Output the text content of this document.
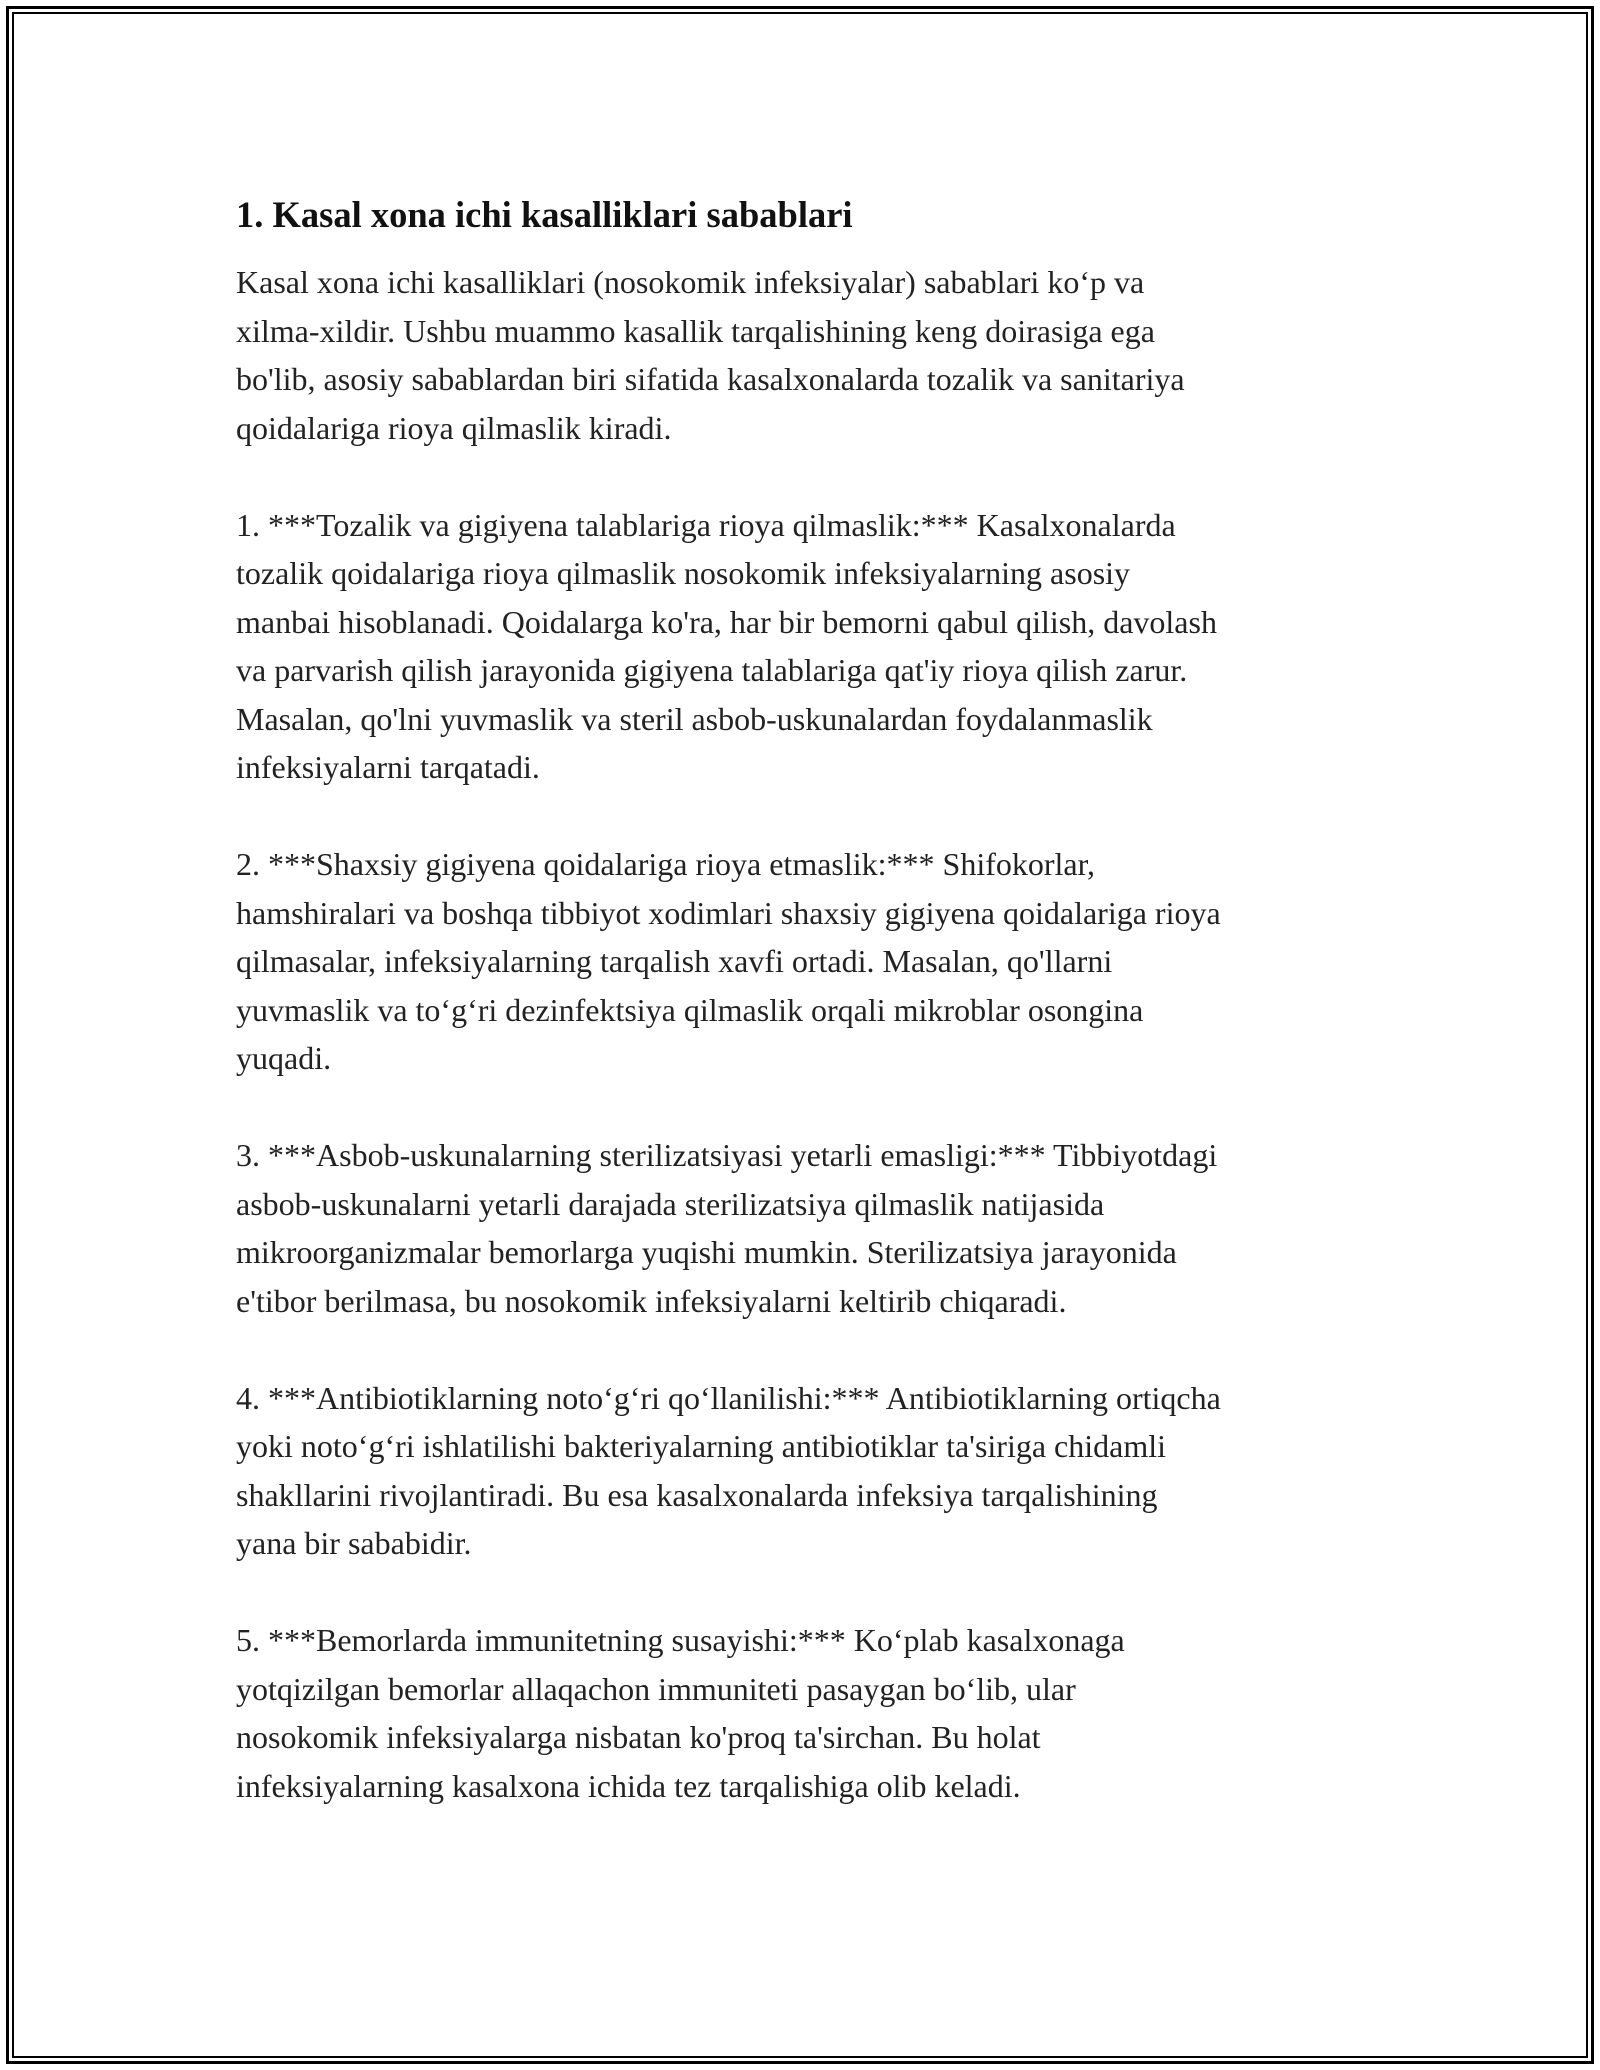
1. Kasal xona ichi kasalliklari sabablari

Kasal xona ichi kasalliklari (nosokomik infeksiyalar) sabablari ko‘p va
xilma-xildir. Ushbu muammo kasallik tarqalishining keng doirasiga ega
bo'lib, asosiy sabablardan biri sifatida kasalxonalarda tozalik va sanitariya
qoidalariga rioya qilmaslik kiradi.

1. ***Tozalik va gigiyena talablariga rioya qilmaslik:*** Kasalxonalarda
tozalik qoidalariga rioya qilmaslik nosokomik infeksiyalarning asosiy
manbai hisoblanadi. Qoidalarga ko'ra, har bir bemorni qabul qilish, davolash
va parvarish qilish jarayonida gigiyena talablariga qat'iy rioya qilish zarur.
Masalan, qo'lni yuvmaslik va steril asbob-uskunalardan foydalanmaslik
infeksiyalarni tarqatadi.

2. ***Shaxsiy gigiyena qoidalariga rioya etmaslik:*** Shifokorlar,
hamshiralari va boshqa tibbiyot xodimlari shaxsiy gigiyena qoidalariga rioya
qilmasalar, infeksiyalarning tarqalish xavfi ortadi. Masalan, qo'llarni
yuvmaslik va to‘g‘ri dezinfektsiya qilmaslik orqali mikroblar osongina
yuqadi.

3. ***Asbob-uskunalarning sterilizatsiyasi yetarli emasligi:*** Tibbiyotdagi
asbob-uskunalarni yetarli darajada sterilizatsiya qilmaslik natijasida
mikroorganizmalar bemorlarga yuqishi mumkin. Sterilizatsiya jarayonida
e'tibor berilmasa, bu nosokomik infeksiyalarni keltirib chiqaradi.

4. ***Antibiotiklarning noto‘g‘ri qo‘llanilishi:*** Antibiotiklarning ortiqcha
yoki noto‘g‘ri ishlatilishi bakteriyalarning antibiotiklar ta'siriga chidamli
shakllarini rivojlantiradi. Bu esa kasalxonalarda infeksiya tarqalishining
yana bir sababidir.

5. ***Bemorlarda immunitetning susayishi:*** Ko‘plab kasalxonaga
yotqizilgan bemorlar allaqachon immuniteti pasaygan bo‘lib, ular
nosokomik infeksiyalarga nisbatan ko'proq ta'sirchan. Bu holat
infeksiyalarning kasalxona ichida tez tarqalishiga olib keladi.
